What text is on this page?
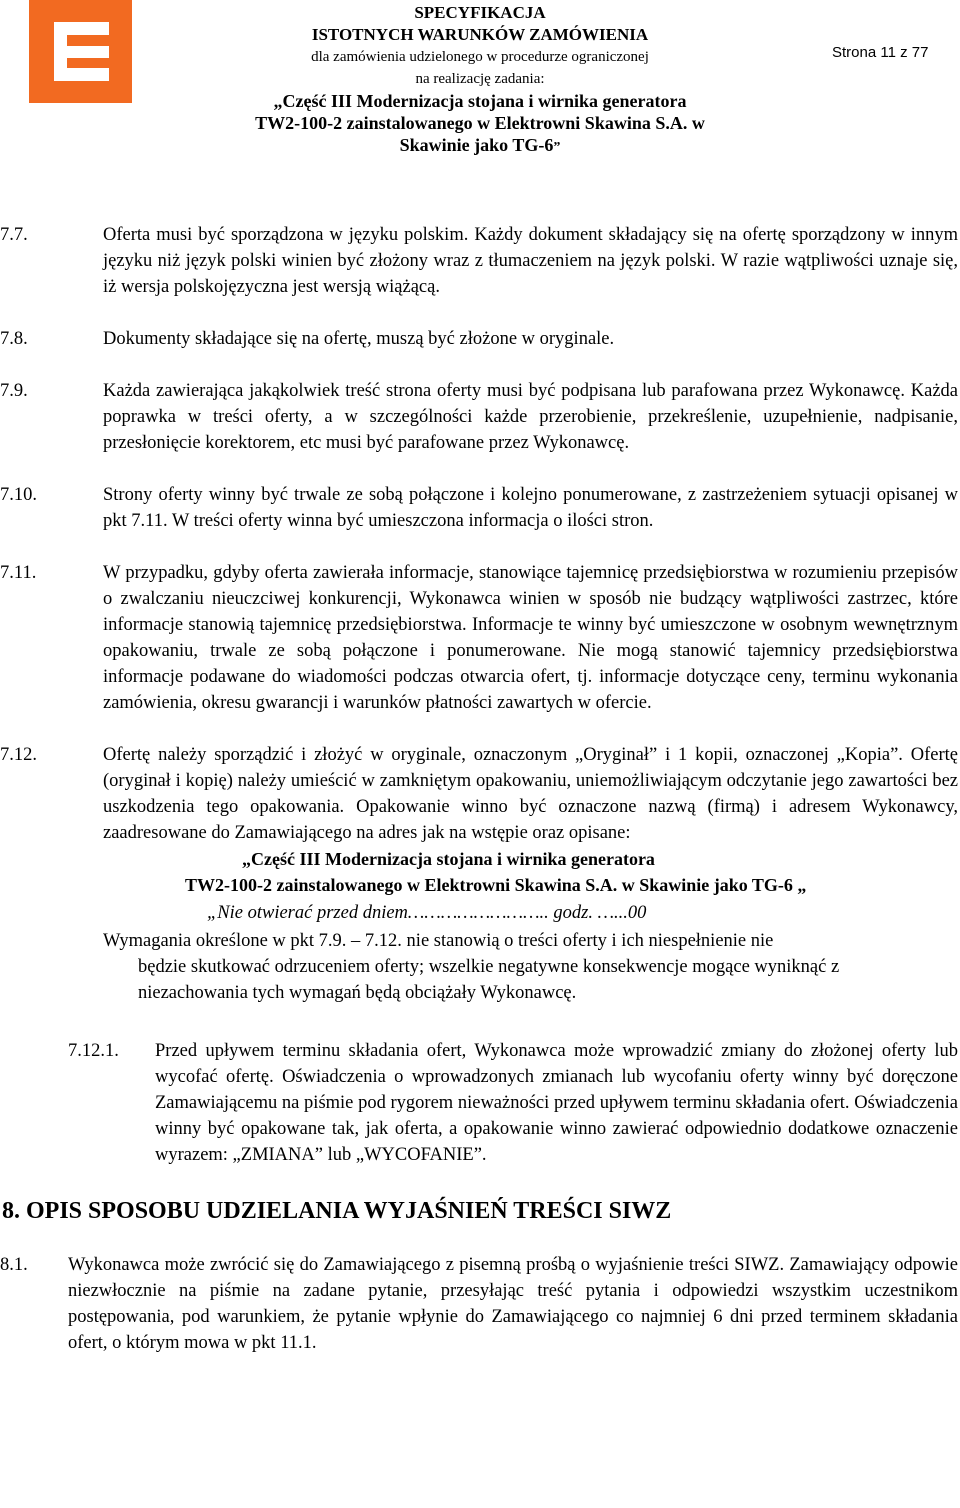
SPECYFIKACJA
ISTOTNYCH WARUNKÓW ZAMÓWIENIA
dla zamówienia udzielonego w procedurze ograniczonej
na realizację zadania:
„Część III Modernizacja stojana i wirnika generatora
TW2-100-2 zainstalowanego w Elektrowni Skawina S.A. w
Skawinie jako TG-6”
Strona 11 z 77
7.7.	Oferta musi być sporządzona w języku polskim. Każdy dokument składający się na ofertę sporządzony w innym języku niż język polski winien być złożony wraz z tłumaczeniem na język polski. W razie wątpliwości uznaje się, iż wersja polskojęzyczna jest wersją wiążącą.
7.8.	Dokumenty składające się na ofertę, muszą być złożone w oryginale.
7.9.	Każda zawierająca jakąkolwiek treść strona oferty musi być podpisana lub parafowana przez Wykonawcę. Każda poprawka w treści oferty, a w szczególności każde przerobienie, przekreślenie, uzupełnienie, nadpisanie, przesłonięcie korektorem, etc musi być parafowane przez Wykonawcę.
7.10.	Strony oferty winny być trwale ze sobą połączone i kolejno ponumerowane, z zastrzeżeniem sytuacji opisanej w pkt 7.11. W treści oferty winna być umieszczona informacja o ilości stron.
7.11.	W przypadku, gdyby oferta zawierała informacje, stanowiące tajemnicę przedsiębiorstwa w rozumieniu przepisów o zwalczaniu nieuczciwej konkurencji, Wykonawca winien w sposób nie budzący wątpliwości zastrzec, które informacje stanowią tajemnicę przedsiębiorstwa. Informacje te winny być umieszczone w osobnym wewnętrznym opakowaniu, trwale ze sobą połączone i ponumerowane. Nie mogą stanowić tajemnicy przedsiębiorstwa informacje podawane do wiadomości podczas otwarcia ofert, tj. informacje dotyczące ceny, terminu wykonania zamówienia, okresu gwarancji i warunków płatności zawartych w ofercie.
7.12.	Ofertę należy sporządzić i złożyć w oryginale, oznaczonym „Oryginał” i 1 kopii, oznaczonej „Kopia”. Ofertę (oryginał i kopię) należy umieścić w zamkniętym opakowaniu, uniemożliwiającym odczytanie jego zawartości bez uszkodzenia tego opakowania. Opakowanie winno być oznaczone nazwą (firmą) i adresem Wykonawcy, zaadresowane do Zamawiającego na adres jak na wstępie oraz opisane:
„Część III Modernizacja stojana i wirnika generatora
TW2-100-2 zainstalowanego w Elektrowni Skawina S.A. w Skawinie jako TG-6 „
„Nie otwierać przed dniem…………………….. godz. …...00
Wymagania określone w pkt 7.9. – 7.12. nie stanowią o treści oferty i ich niespełnienie nie
będzie skutkować odrzuceniem oferty; wszelkie negatywne konsekwencje mogące wyniknąć z niezachowania tych wymagań będą obciążały Wykonawcę.
7.12.1. Przed upływem terminu składania ofert, Wykonawca może wprowadzić zmiany do złożonej oferty lub wycofać ofertę. Oświadczenia o wprowadzonych zmianach lub wycofaniu oferty winny być doręczone Zamawiającemu na piśmie pod rygorem nieważności przed upływem terminu składania ofert. Oświadczenia winny być opakowane tak, jak oferta, a opakowanie winno zawierać odpowiednio dodatkowe oznaczenie wyrazem: „ZMIANA” lub „WYCOFANIE”.
8. OPIS SPOSOBU UDZIELANIA WYJAŚNIEŃ TREŚCI SIWZ
8.1. Wykonawca może zwrócić się do Zamawiającego z pisemną prośbą o wyjaśnienie treści SIWZ. Zamawiający odpowie niezwłocznie na piśmie na zadane pytanie, przesyłając treść pytania i odpowiedzi wszystkim uczestnikom postępowania, pod warunkiem, że pytanie wpłynie do Zamawiającego co najmniej 6 dni przed terminem składania ofert, o którym mowa w pkt 11.1.
